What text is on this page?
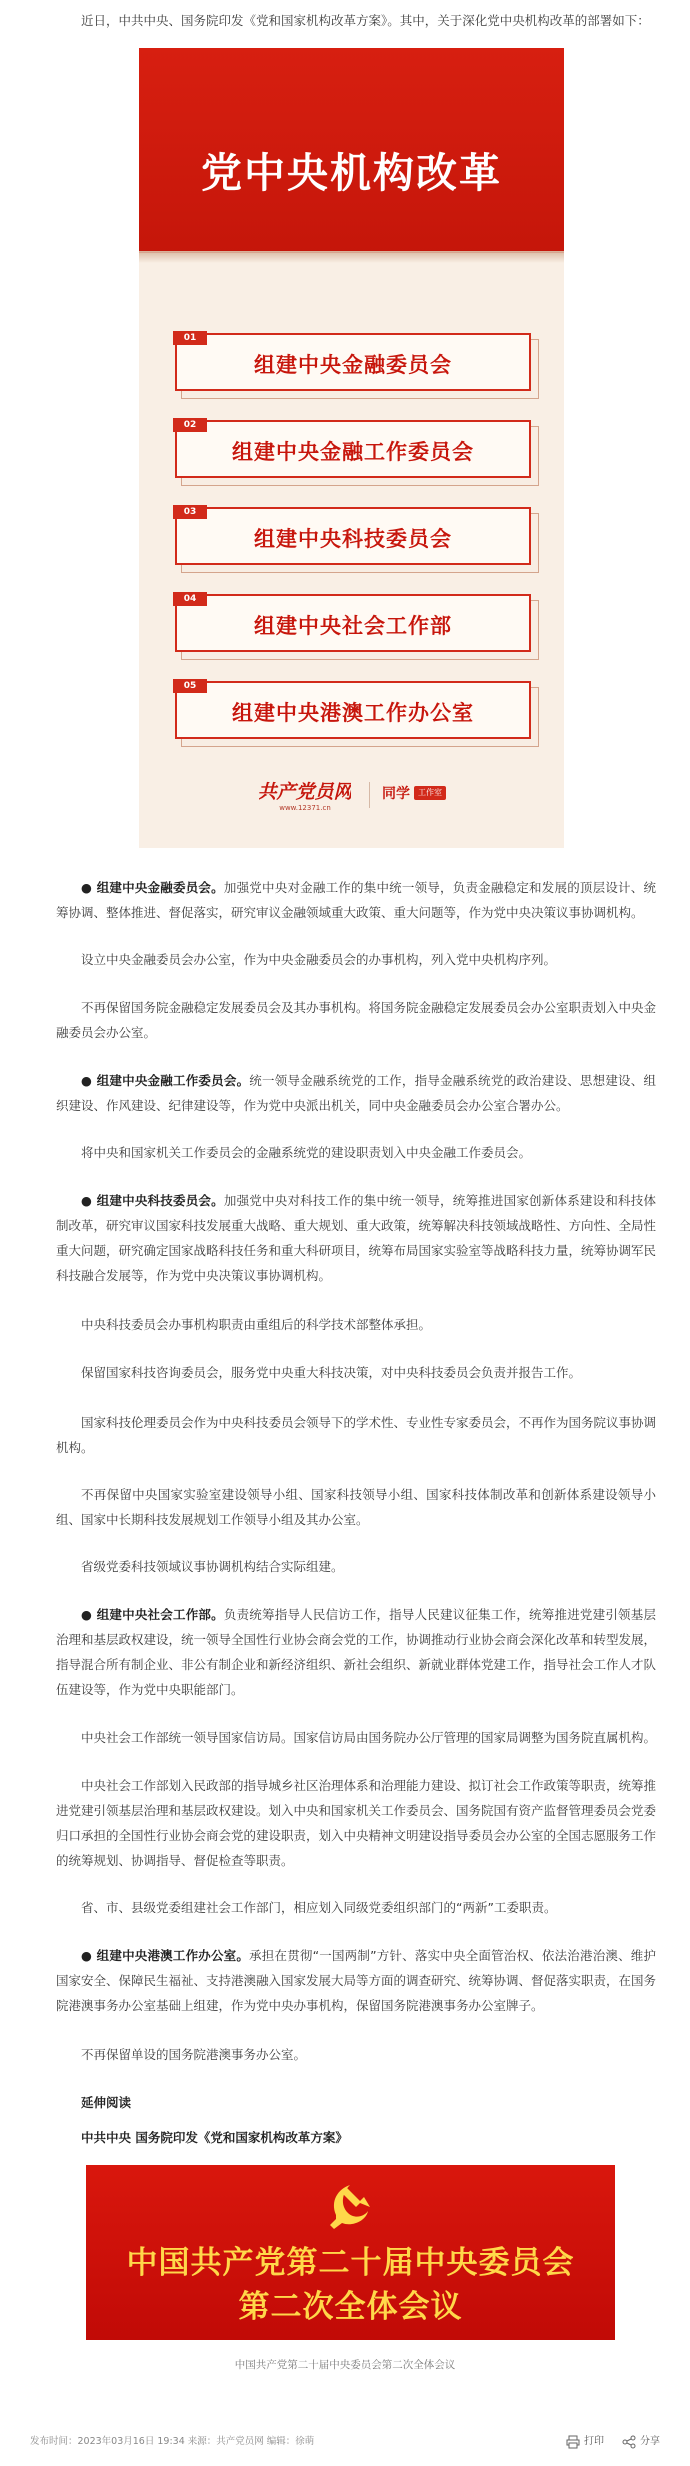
近日，中共中央、国务院印发《党和国家机构改革方案》。其中，关于深化党中央机构改革的部署如下：

党中央机构改革
01
组建中央金融委员会
02
组建中央金融工作委员会
03
组建中央科技委员会
04
组建中央社会工作部
05
组建中央港澳工作办公室
共产党员网
www.12371.cn
同学	工作室

● 组建中央金融委员会。加强党中央对金融工作的集中统一领导，负责金融稳定和发展的顶层设计、统筹协调、整体推进、督促落实，研究审议金融领域重大政策、重大问题等，作为党中央决策议事协调机构。

设立中央金融委员会办公室，作为中央金融委员会的办事机构，列入党中央机构序列。

不再保留国务院金融稳定发展委员会及其办事机构。将国务院金融稳定发展委员会办公室职责划入中央金融委员会办公室。

● 组建中央金融工作委员会。统一领导金融系统党的工作，指导金融系统党的政治建设、思想建设、组织建设、作风建设、纪律建设等，作为党中央派出机关，同中央金融委员会办公室合署办公。

将中央和国家机关工作委员会的金融系统党的建设职责划入中央金融工作委员会。

● 组建中央科技委员会。加强党中央对科技工作的集中统一领导，统筹推进国家创新体系建设和科技体制改革，研究审议国家科技发展重大战略、重大规划、重大政策，统筹解决科技领域战略性、方向性、全局性重大问题，研究确定国家战略科技任务和重大科研项目，统筹布局国家实验室等战略科技力量，统筹协调军民科技融合发展等，作为党中央决策议事协调机构。

中央科技委员会办事机构职责由重组后的科学技术部整体承担。

保留国家科技咨询委员会，服务党中央重大科技决策，对中央科技委员会负责并报告工作。

国家科技伦理委员会作为中央科技委员会领导下的学术性、专业性专家委员会，不再作为国务院议事协调机构。

不再保留中央国家实验室建设领导小组、国家科技领导小组、国家科技体制改革和创新体系建设领导小组、国家中长期科技发展规划工作领导小组及其办公室。

省级党委科技领域议事协调机构结合实际组建。

● 组建中央社会工作部。负责统筹指导人民信访工作，指导人民建议征集工作，统筹推进党建引领基层治理和基层政权建设，统一领导全国性行业协会商会党的工作，协调推动行业协会商会深化改革和转型发展，指导混合所有制企业、非公有制企业和新经济组织、新社会组织、新就业群体党建工作，指导社会工作人才队伍建设等，作为党中央职能部门。

中央社会工作部统一领导国家信访局。国家信访局由国务院办公厅管理的国家局调整为国务院直属机构。

中央社会工作部划入民政部的指导城乡社区治理体系和治理能力建设、拟订社会工作政策等职责，统筹推进党建引领基层治理和基层政权建设。划入中央和国家机关工作委员会、国务院国有资产监督管理委员会党委归口承担的全国性行业协会商会党的建设职责，划入中央精神文明建设指导委员会办公室的全国志愿服务工作的统筹规划、协调指导、督促检查等职责。

省、市、县级党委组建社会工作部门，相应划入同级党委组织部门的“两新”工委职责。

● 组建中央港澳工作办公室。承担在贯彻“一国两制”方针、落实中央全面管治权、依法治港治澳、维护国家安全、保障民生福祉、支持港澳融入国家发展大局等方面的调查研究、统筹协调、督促落实职责，在国务院港澳事务办公室基础上组建，作为党中央办事机构，保留国务院港澳事务办公室牌子。

不再保留单设的国务院港澳事务办公室。

延伸阅读

中共中央 国务院印发《党和国家机构改革方案》

中国共产党第二十届中央委员会
第二次全体会议
中国共产党第二十届中央委员会第二次全体会议
发布时间：2023年03月16日 19:34 来源：共产党员网 编辑：徐萌	打印	分享
